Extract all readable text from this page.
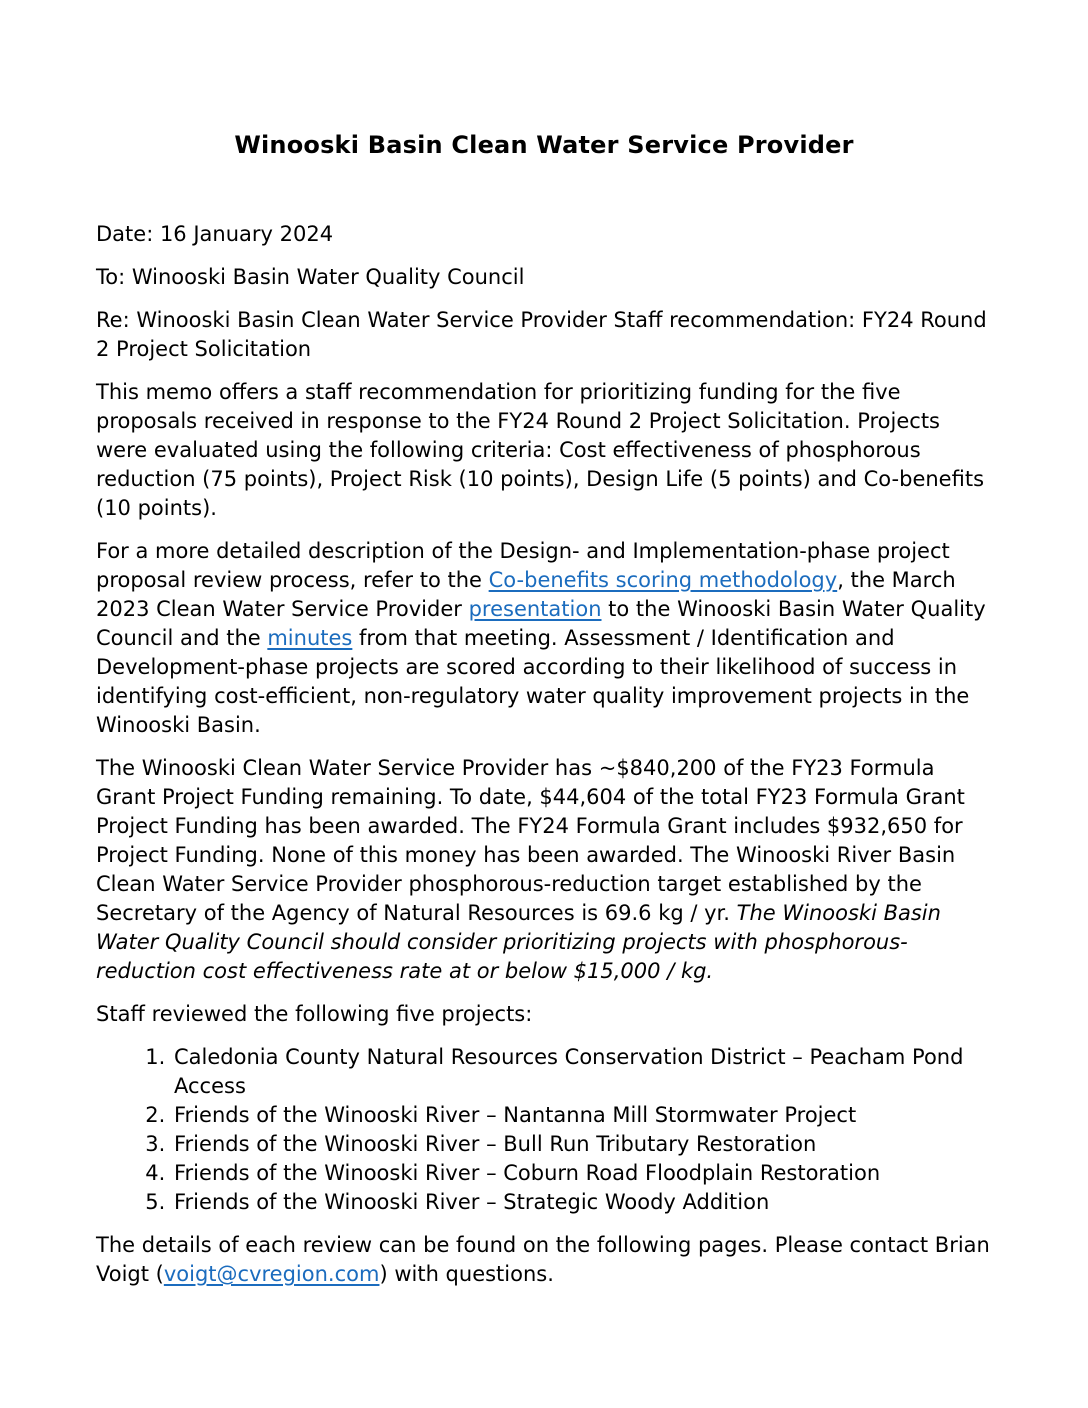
Winooski Basin Clean Water Service Provider

Date: 16 January 2024

To: Winooski Basin Water Quality Council

Re: Winooski Basin Clean Water Service Provider Staff recommendation: FY24 Round 2 Project Solicitation

This memo offers a staff recommendation for prioritizing funding for the five proposals received in response to the FY24 Round 2 Project Solicitation. Projects were evaluated using the following criteria: Cost effectiveness of phosphorous reduction (75 points), Project Risk (10 points), Design Life (5 points) and Co-benefits (10 points).

For a more detailed description of the Design- and Implementation-phase project proposal review process, refer to the Co-benefits scoring methodology, the March 2023 Clean Water Service Provider presentation to the Winooski Basin Water Quality Council and the minutes from that meeting. Assessment / Identification and Development-phase projects are scored according to their likelihood of success in identifying cost-efficient, non-regulatory water quality improvement projects in the Winooski Basin.

The Winooski Clean Water Service Provider has ~$840,200 of the FY23 Formula Grant Project Funding remaining. To date, $44,604 of the total FY23 Formula Grant Project Funding has been awarded. The FY24 Formula Grant includes $932,650 for Project Funding. None of this money has been awarded. The Winooski River Basin Clean Water Service Provider phosphorous-reduction target established by the Secretary of the Agency of Natural Resources is 69.6 kg / yr. The Winooski Basin Water Quality Council should consider prioritizing projects with phosphorous-reduction cost effectiveness rate at or below $15,000 / kg.

Staff reviewed the following five projects:

1. Caledonia County Natural Resources Conservation District – Peacham Pond Access
2. Friends of the Winooski River – Nantanna Mill Stormwater Project
3. Friends of the Winooski River – Bull Run Tributary Restoration
4. Friends of the Winooski River – Coburn Road Floodplain Restoration
5. Friends of the Winooski River – Strategic Woody Addition

The details of each review can be found on the following pages. Please contact Brian Voigt (voigt@cvregion.com) with questions.
